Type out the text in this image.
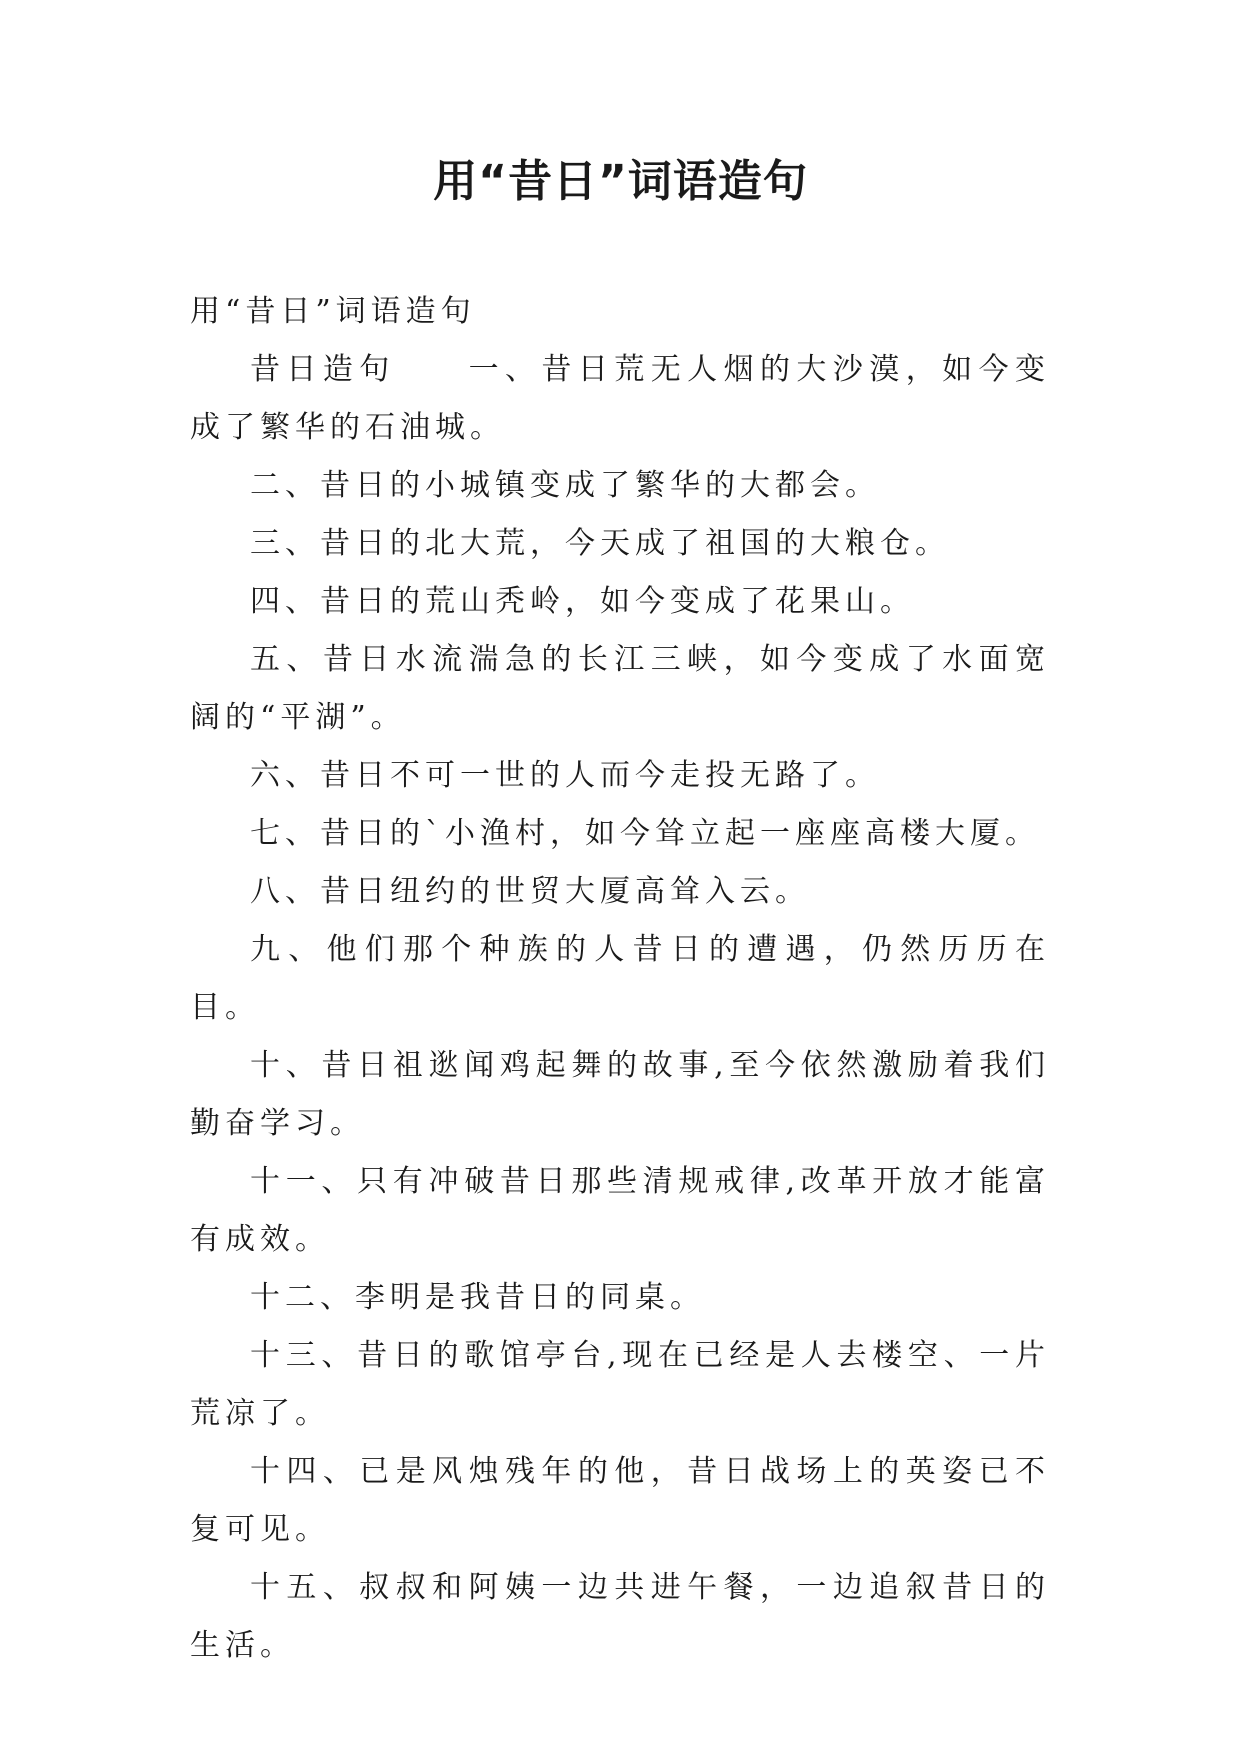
用“昔日”词语造句

用“昔日”词语造句

昔日造句　　一、昔日荒无人烟的大沙漠，如今变成了繁华的石油城。

二、昔日的小城镇变成了繁华的大都会。

三、昔日的北大荒，今天成了祖国的大粮仓。

四、昔日的荒山秃岭，如今变成了花果山。

五、昔日水流湍急的长江三峡，如今变成了水面宽阔的“平湖”。

六、昔日不可一世的人而今走投无路了。

七、昔日的`小渔村，如今耸立起一座座高楼大厦。

八、昔日纽约的世贸大厦高耸入云。

九、他们那个种族的人昔日的遭遇，仍然历历在目。

十、昔日祖逖闻鸡起舞的故事,至今依然激励着我们勤奋学习。

十一、只有冲破昔日那些清规戒律,改革开放才能富有成效。

十二、李明是我昔日的同桌。

十三、昔日的歌馆亭台,现在已经是人去楼空、一片荒凉了。

十四、已是风烛残年的他，昔日战场上的英姿已不复可见。

十五、叔叔和阿姨一边共进午餐，一边追叙昔日的生活。
